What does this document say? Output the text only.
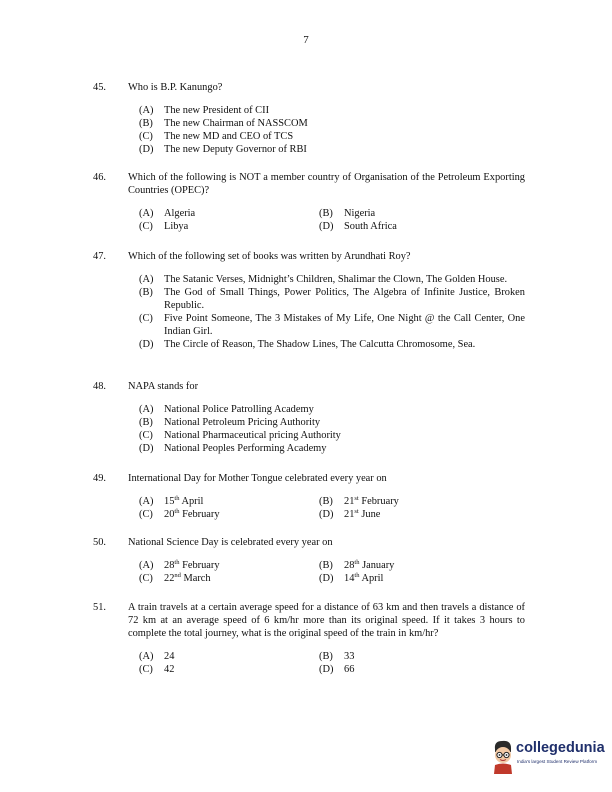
7
45. Who is B.P. Kanungo?
(A)	The new President of CII
(B)	The new Chairman of NASSCOM
(C)	The new MD and CEO of TCS
(D)	The new Deputy Governor of RBI
46. Which of the following is NOT a member country of Organisation of the Petroleum Exporting Countries (OPEC)?
(A)	Algeria	(B)	Nigeria
(C)	Libya	(D)	South Africa
47. Which of the following set of books was written by Arundhati Roy?
(A)	The Satanic Verses, Midnight’s Children, Shalimar the Clown, The Golden House.
(B)	The God of Small Things, Power Politics, The Algebra of Infinite Justice, Broken Republic.
(C)	Five Point Someone, The 3 Mistakes of My Life, One Night @ the Call Center, One Indian Girl.
(D)	The Circle of Reason, The Shadow Lines, The Calcutta Chromosome, Sea.
48. NAPA stands for
(A)	National Police Patrolling Academy
(B)	National Petroleum Pricing Authority
(C)	National Pharmaceutical pricing Authority
(D)	National Peoples Performing Academy
49. International Day for Mother Tongue celebrated every year on
(A)	15th April	(B)	21st February
(C)	20th February	(D)	21st June
50. National Science Day is celebrated every year on
(A)	28th February	(B)	28th January
(C)	22nd March	(D)	14th April
51. A train travels at a certain average speed for a distance of 63 km and then travels a distance of 72 km at an average speed of 6 km/hr more than its original speed. If it takes 3 hours to complete the total journey, what is the original speed of the train in km/hr?
(A)	24	(B)	33
(C)	42	(D)	66
collegedunia
India's largest Student Review Platform
